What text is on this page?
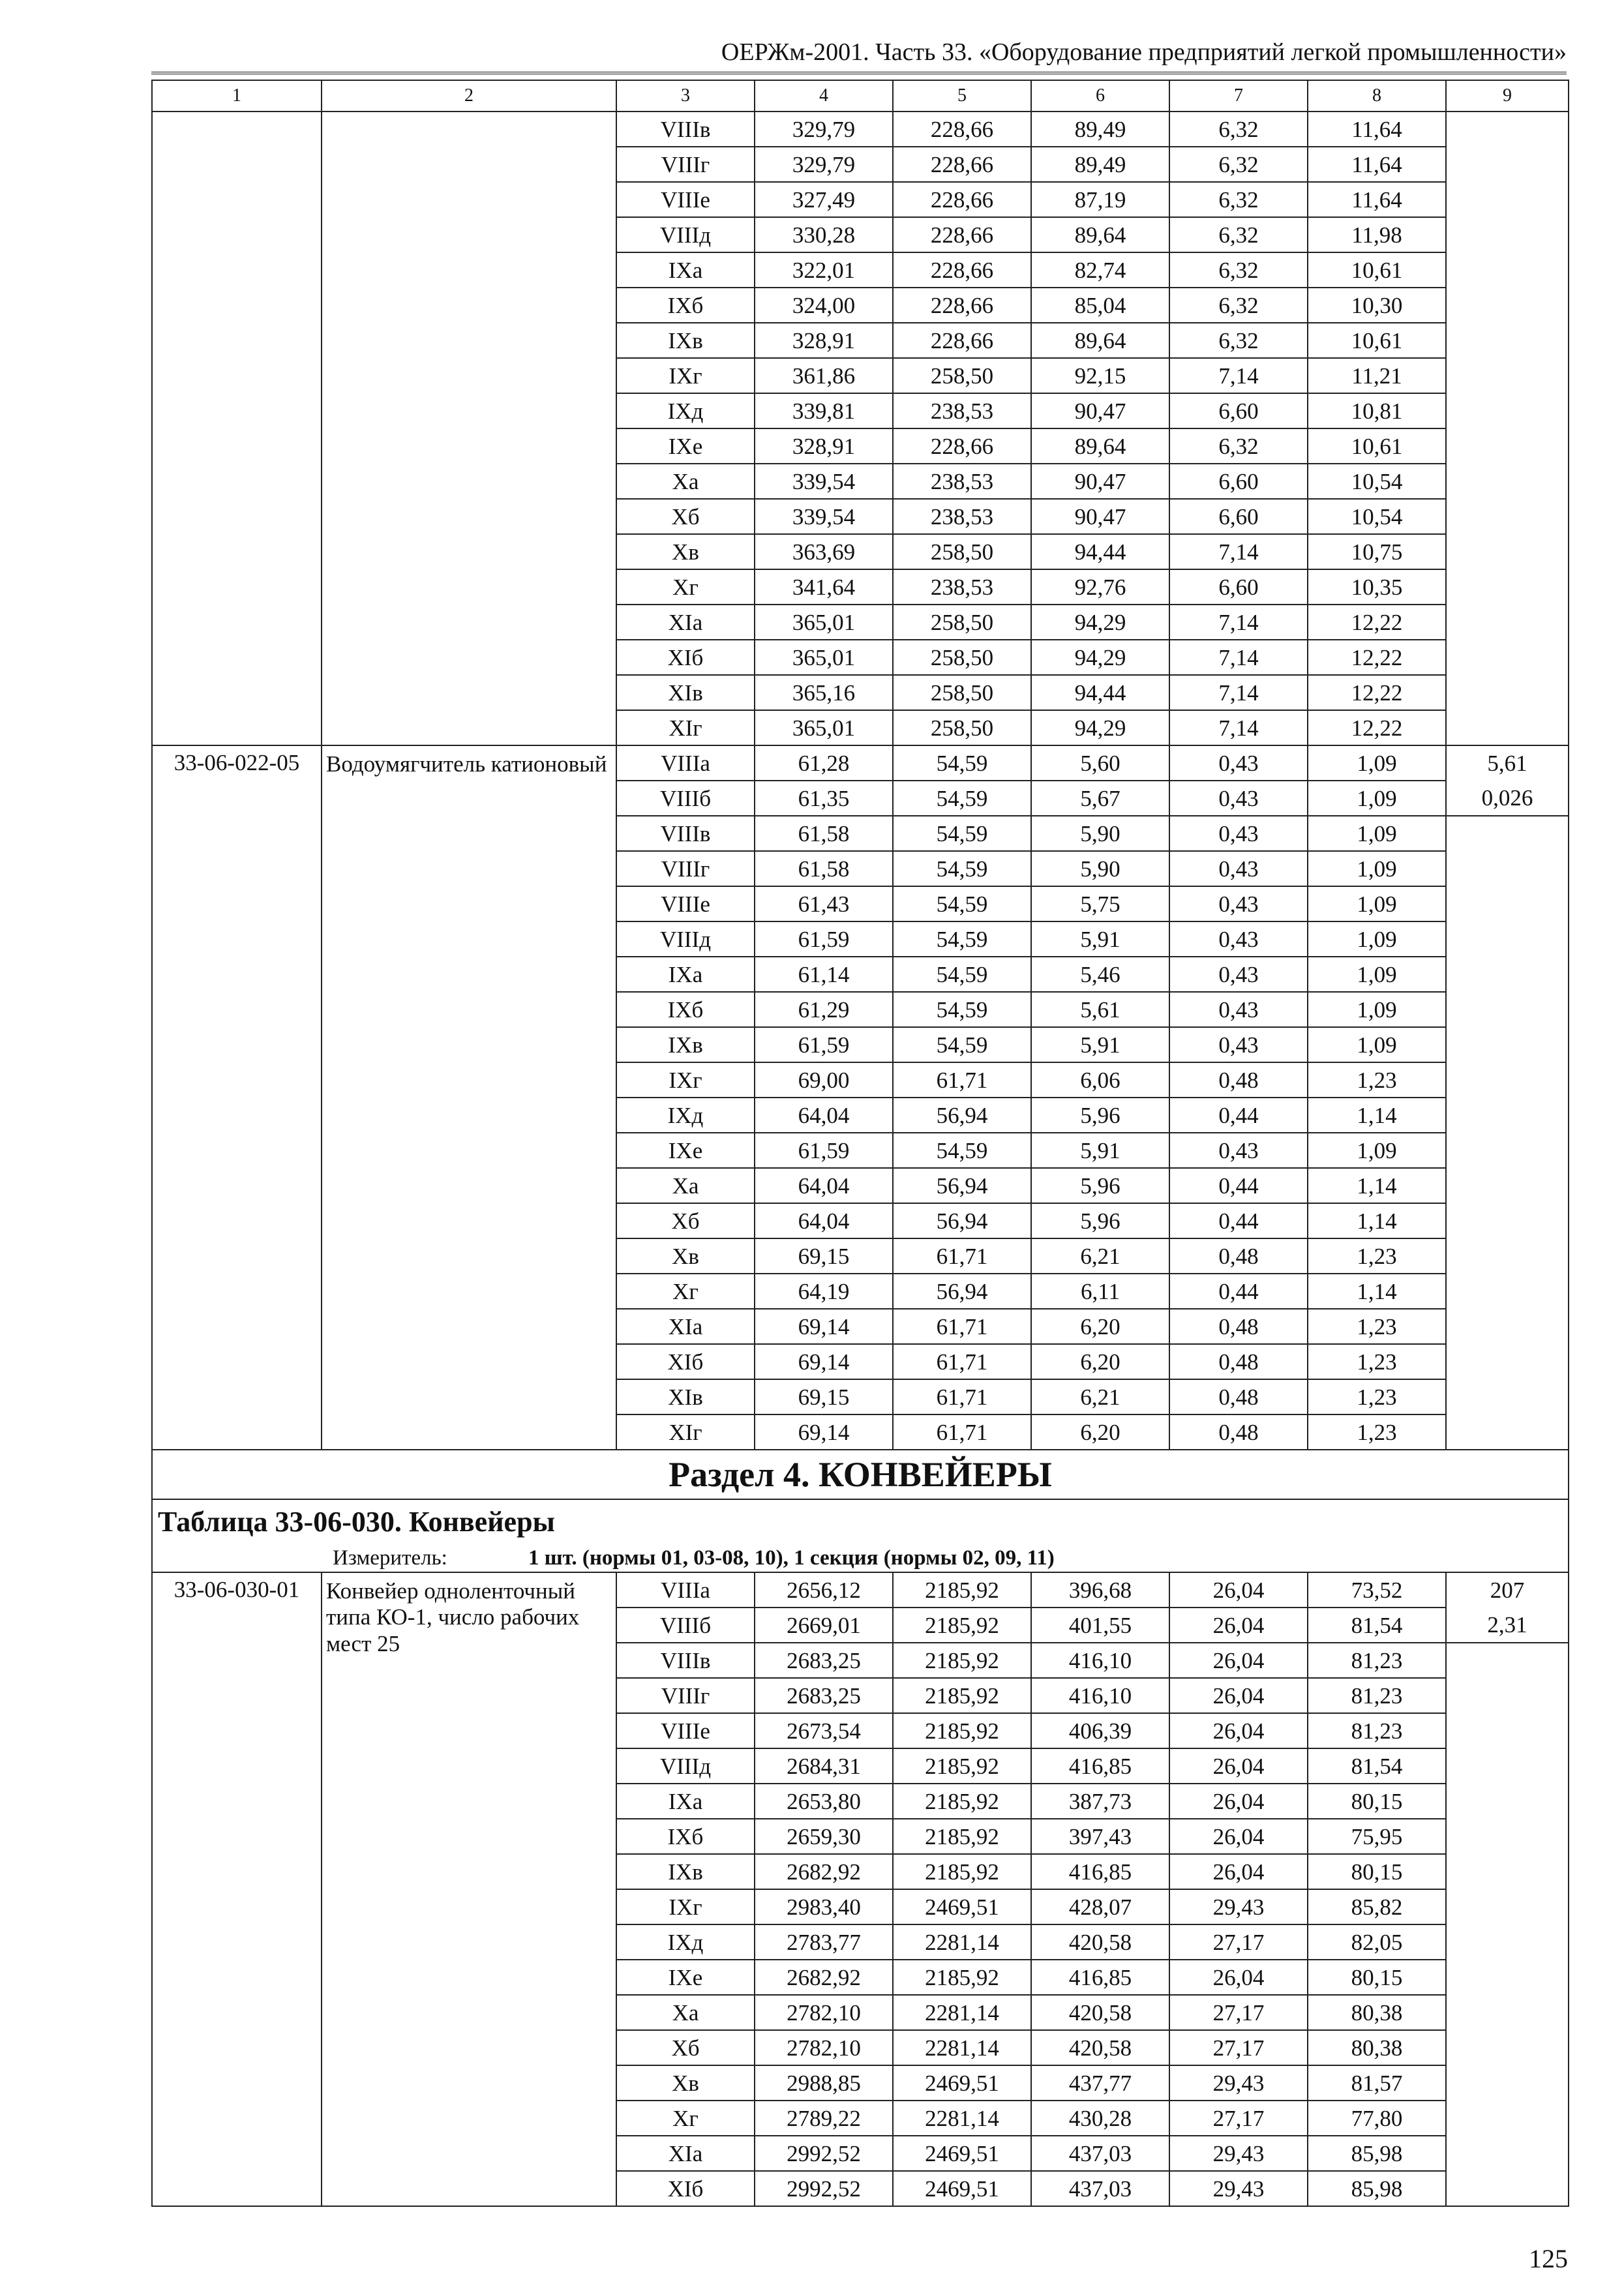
ОЕРЖм-2001. Часть 33. «Оборудование предприятий легкой промышленности»
1	2	3	4	5	6	7	8	9
		VIIIв	329,79	228,66	89,49	6,32	11,64	
		VIIIг	329,79	228,66	89,49	6,32	11,64	
		VIIIе	327,49	228,66	87,19	6,32	11,64	
		VIIIд	330,28	228,66	89,64	6,32	11,98	
		IXа	322,01	228,66	82,74	6,32	10,61	
		IXб	324,00	228,66	85,04	6,32	10,30	
		IXв	328,91	228,66	89,64	6,32	10,61	
		IXг	361,86	258,50	92,15	7,14	11,21	
		IXд	339,81	238,53	90,47	6,60	10,81	
		IXе	328,91	228,66	89,64	6,32	10,61	
		Xа	339,54	238,53	90,47	6,60	10,54	
		Xб	339,54	238,53	90,47	6,60	10,54	
		Xв	363,69	258,50	94,44	7,14	10,75	
		Xг	341,64	238,53	92,76	6,60	10,35	
		XIа	365,01	258,50	94,29	7,14	12,22	
		XIб	365,01	258,50	94,29	7,14	12,22	
		XIв	365,16	258,50	94,44	7,14	12,22	
		XIг	365,01	258,50	94,29	7,14	12,22	
33-06-022-05	Водоумягчитель катионовый	VIIIа	61,28	54,59	5,60	0,43	1,09	5,61
		VIIIб	61,35	54,59	5,67	0,43	1,09	0,026
		VIIIв	61,58	54,59	5,90	0,43	1,09	
		VIIIг	61,58	54,59	5,90	0,43	1,09	
		VIIIе	61,43	54,59	5,75	0,43	1,09	
		VIIIд	61,59	54,59	5,91	0,43	1,09	
		IXа	61,14	54,59	5,46	0,43	1,09	
		IXб	61,29	54,59	5,61	0,43	1,09	
		IXв	61,59	54,59	5,91	0,43	1,09	
		IXг	69,00	61,71	6,06	0,48	1,23	
		IXд	64,04	56,94	5,96	0,44	1,14	
		IXе	61,59	54,59	5,91	0,43	1,09	
		Xа	64,04	56,94	5,96	0,44	1,14	
		Xб	64,04	56,94	5,96	0,44	1,14	
		Xв	69,15	61,71	6,21	0,48	1,23	
		Xг	64,19	56,94	6,11	0,44	1,14	
		XIа	69,14	61,71	6,20	0,48	1,23	
		XIб	69,14	61,71	6,20	0,48	1,23	
		XIв	69,15	61,71	6,21	0,48	1,23	
		XIг	69,14	61,71	6,20	0,48	1,23	
Раздел 4. КОНВЕЙЕРЫ								
Таблица 33-06-030. Конвейеры								
Измеритель: 1 шт. (нормы 01, 03-08, 10), 1 секция (нормы 02, 09, 11)								
33-06-030-01	Конвейер одноленточный типа КО-1, число рабочих мест 25	VIIIа	2656,12	2185,92	396,68	26,04	73,52	207
		VIIIб	2669,01	2185,92	401,55	26,04	81,54	2,31
		VIIIв	2683,25	2185,92	416,10	26,04	81,23	
		VIIIг	2683,25	2185,92	416,10	26,04	81,23	
		VIIIе	2673,54	2185,92	406,39	26,04	81,23	
		VIIIд	2684,31	2185,92	416,85	26,04	81,54	
		IXа	2653,80	2185,92	387,73	26,04	80,15	
		IXб	2659,30	2185,92	397,43	26,04	75,95	
		IXв	2682,92	2185,92	416,85	26,04	80,15	
		IXг	2983,40	2469,51	428,07	29,43	85,82	
		IXд	2783,77	2281,14	420,58	27,17	82,05	
		IXе	2682,92	2185,92	416,85	26,04	80,15	
		Xа	2782,10	2281,14	420,58	27,17	80,38	
		Xб	2782,10	2281,14	420,58	27,17	80,38	
		Xв	2988,85	2469,51	437,77	29,43	81,57	
		Xг	2789,22	2281,14	430,28	27,17	77,80	
		XIа	2992,52	2469,51	437,03	29,43	85,98	
		XIб	2992,52	2469,51	437,03	29,43	85,98	
125
